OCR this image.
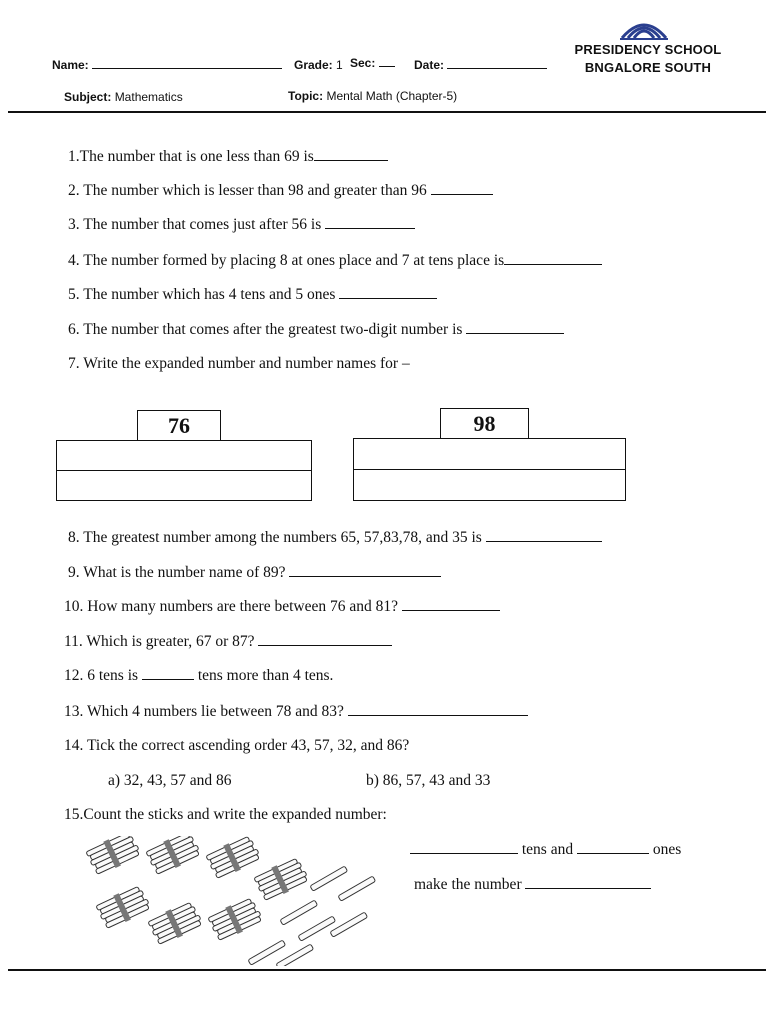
PRESIDENCY SCHOOL
BNGALORE SOUTH
Name:	Grade: 1 Sec:	Date:
Subject: Mathematics	Topic: Mental Math (Chapter-5)
1.The number that is one less than 69 is
2. The number which is lesser than 98 and greater than 96
3. The number that comes just after 56 is
4. The number formed by placing 8 at ones place and 7 at tens place is
5. The number which has 4 tens and 5 ones
6. The number that comes after the greatest two-digit number is
7. Write the expanded number and number names for –
76	98
8. The greatest number among the numbers 65, 57,83,78, and 35 is
9. What is the number name of 89?
10. How many numbers are there between 76 and 81?
11. Which is greater, 67 or 87?
12. 6 tens is	tens more than 4 tens.
13. Which 4 numbers lie between 78 and 83?
14. Tick the correct ascending order 43, 57, 32, and 86?
a) 32, 43, 57 and 86	b) 86, 57, 43 and 33
15.Count the sticks and write the expanded number:
tens and	ones
make the number
